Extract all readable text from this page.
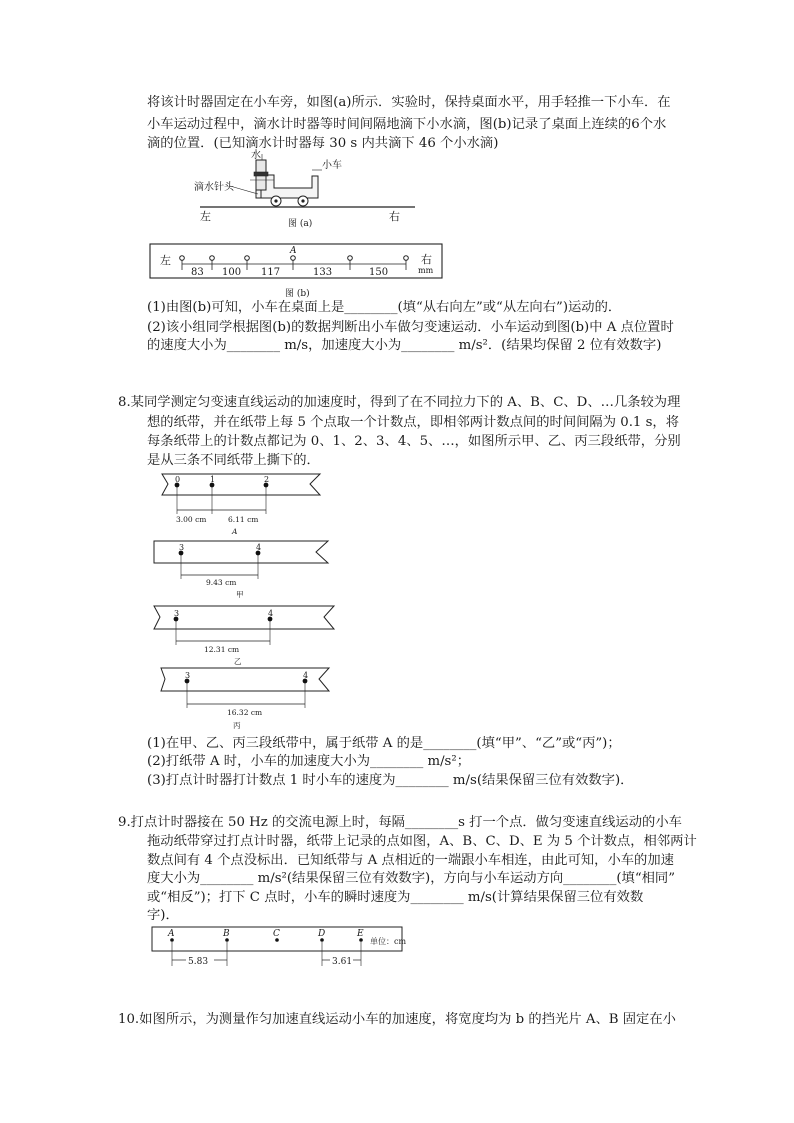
将该计时器固定在小车旁，如图(a)所示．实验时，保持桌面水平，用手轻推一下小车．在

小车运动过程中，滴水计时器等时间间隔地滴下小水滴，图(b)记录了桌面上连续的6个水

滴的位置．(已知滴水计时器每 30 s 内共滴下 46 个小水滴)

水
小车
滴水针头
左	右
图 (a)
左	右
mm
A
83 100 117	133	150
图 (b)

(1)由图(b)可知，小车在桌面上是________(填“从右向左”或“从左向右”)运动的．

(2)该小组同学根据图(b)的数据判断出小车做匀变速运动．小车运动到图(b)中 A 点位置时

的速度大小为________ m/s，加速度大小为________ m/s²．(结果均保留 2 位有效数字)

8.某同学测定匀变速直线运动的加速度时，得到了在不同拉力下的 A、B、C、D、…几条较为理

想的纸带，并在纸带上每 5 个点取一个计数点，即相邻两计数点间的时间间隔为 0.1 s，将

每条纸带上的计数点都记为 0、1、2、3、4、5、…，如图所示甲、乙、丙三段纸带，分别

是从三条不同纸带上撕下的．

0	1	2
3.00 cm	6.11 cm
A
3	4
9.43 cm
甲
3	4
12.31 cm
乙
3	4
16.32 cm
丙

(1)在甲、乙、丙三段纸带中，属于纸带 A 的是________(填“甲”、“乙”或“丙”)；

(2)打纸带 A 时，小车的加速度大小为________ m/s²；

(3)打点计时器打计数点 1 时小车的速度为________ m/s(结果保留三位有效数字)．

9.打点计时器接在 50 Hz 的交流电源上时，每隔________s 打一个点．做匀变速直线运动的小车

拖动纸带穿过打点计时器，纸带上记录的点如图，A、B、C、D、E 为 5 个计数点，相邻两计

数点间有 4 个点没标出．已知纸带与 A 点相近的一端跟小车相连，由此可知，小车的加速

度大小为________ m/s²(结果保留三位有效数字)，方向与小车运动方向________(填“相同”

或“相反”)；打下 C 点时，小车的瞬时速度为________ m/s(计算结果保留三位有效数

字)．

A	B	C	D	E
单位：cm
5.83	3.61

10.如图所示，为测量作匀加速直线运动小车的加速度，将宽度均为 b 的挡光片 A、B 固定在小
